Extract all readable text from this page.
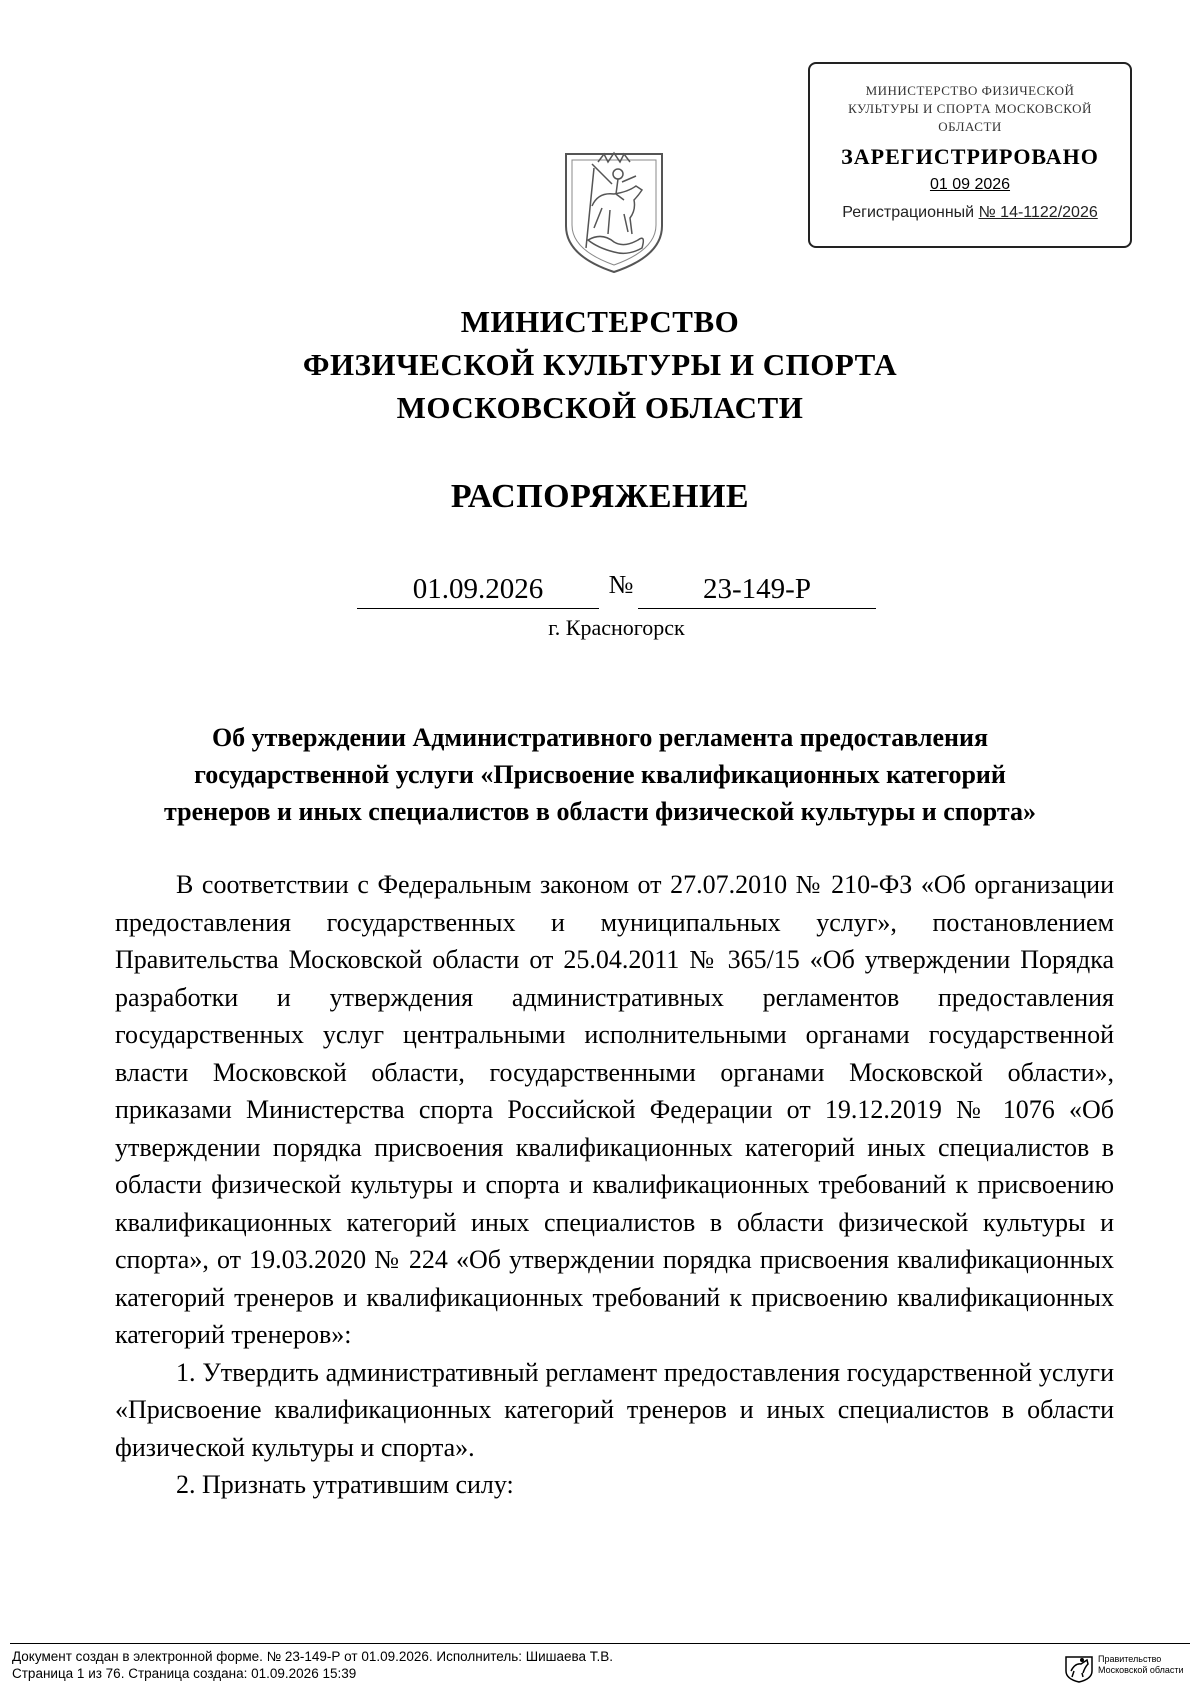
МИНИСТЕРСТВО ФИЗИЧЕСКОЙ
КУЛЬТУРЫ И СПОРТА МОСКОВСКОЙ
ОБЛАСТИ
ЗАРЕГИСТРИРОВАНО
01 09 2026
Регистрационный № 14-1122/2026
МИНИСТЕРСТВО
ФИЗИЧЕСКОЙ КУЛЬТУРЫ И СПОРТА
МОСКОВСКОЙ ОБЛАСТИ
РАСПОРЯЖЕНИЕ
01.09.2026	№	23-149-Р
г. Красногорск
Об утверждении Административного регламента предоставления
государственной услуги «Присвоение квалификационных категорий
тренеров и иных специалистов в области физической культуры и спорта»

В соответствии с Федеральным законом от 27.07.2010 № 210-ФЗ «Об организации предоставления государственных и муниципальных услуг», постановлением Правительства Московской области от 25.04.2011 № 365/15 «Об утверждении Порядка разработки и утверждения административных регламентов предоставления государственных услуг центральными исполнительными органами государственной власти Московской области, государственными органами Московской области», приказами Министерства спорта Российской Федерации от 19.12.2019 № 1076 «Об утверждении порядка присвоения квалификационных категорий иных специалистов в области физической культуры и спорта и квалификационных требований к присвоению квалификационных категорий иных специалистов в области физической культуры и спорта», от 19.03.2020 № 224 «Об утверждении порядка присвоения квалификационных категорий тренеров и квалификационных требований к присвоению квалификационных категорий тренеров»:

1. Утвердить административный регламент предоставления государственной услуги «Присвоение квалификационных категорий тренеров и иных специалистов в области физической культуры и спорта».

2. Признать утратившим силу:

Документ создан в электронной форме. № 23-149-Р от 01.09.2026. Исполнитель: Шишаева Т.В.
Страница 1 из 76. Страница создана: 01.09.2026 15:39
Правительство
Московской области
